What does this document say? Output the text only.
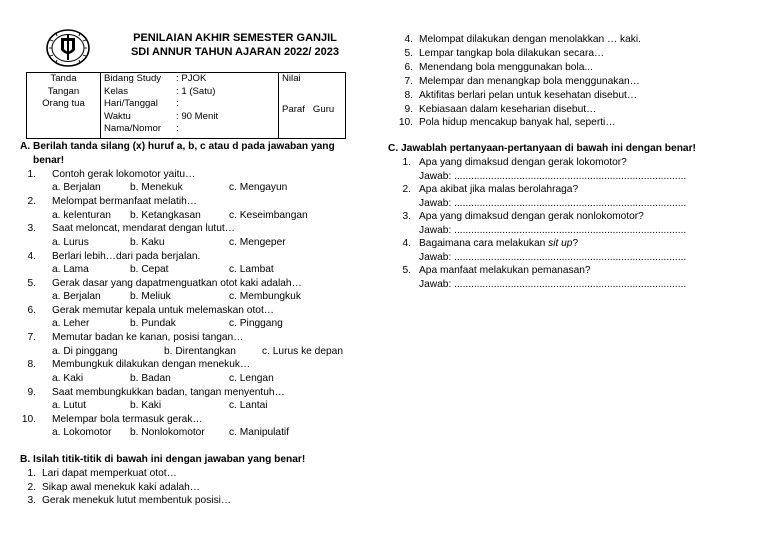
PENILAIAN AKHIR SEMESTER GANJIL
SDI ANNUR TAHUN AJARAN 2022/ 2023
Tanda
Tangan
Orang tua

Bidang Study	: PJOK
Kelas	: 1 (Satu)
Hari/Tanggal	:
Waktu	: 90 Menit
Nama/Nomor	:

Nilai
Paraf   Guru
A. Berilah tanda silang (x) huruf a, b, c atau d pada jawaban yang
benar!
1. Contoh gerak lokomotor yaitu…
a. Berjalan	b. Menekuk	c. Mengayun
2. Melompat bermanfaat melatih…
a. kelenturan b. Ketangkasan	c. Keseimbangan
3. Saat meloncat, mendarat dengan lutut…
a. Lurus	b. Kaku	c. Mengeper
4. Berlari lebih…dari pada berjalan.
a. Lama	b. Cepat	c. Lambat
5. Gerak dasar yang dapatmenguatkan otot kaki adalah…
a. Berjalan	b. Meliuk	c. Membungkuk
6. Gerak memutar kepala untuk melemaskan otot…
a. Leher	b. Pundak	c. Pinggang
7. Memutar badan ke kanan, posisi tangan…
a. Di pinggang	b. Direntangkan	c. Lurus ke depan
8. Membungkuk dilakukan dengan menekuk…
a. Kaki	b. Badan	c. Lengan
9. Saat membungkukkan badan, tangan menyentuh…
a. Lutut	b. Kaki	c. Lantai
10. Melempar bola termasuk gerak…
a. Lokomotor b. Nonlokomotor c. Manipulatif
B. Isilah titik-titik di bawah ini dengan jawaban yang benar!
1. Lari dapat memperkuat otot…
2. Sikap awal menekuk kaki adalah…
3. Gerak menekuk lutut membentuk posisi…
4. Melompat dilakukan dengan menolakkan … kaki.
5. Lempar tangkap bola dilakukan secara…
6. Menendang bola menggunakan bola...
7. Melempar dan menangkap bola menggunakan…
8. Aktifitas berlari pelan untuk kesehatan disebut…
9. Kebiasaan dalam keseharian disebut…
10. Pola hidup mencakup banyak hal, seperti…
C. Jawablah pertanyaan-pertanyaan di bawah ini dengan benar!
1. Apa yang dimaksud dengan gerak lokomotor?
Jawab: ..................................................................................
2. Apa akibat jika malas berolahraga?
Jawab: ..................................................................................
3. Apa yang dimaksud dengan gerak nonlokomotor?
Jawab: ..................................................................................
4. Bagaimana cara melakukan sit up?
Jawab: ..................................................................................
5. Apa manfaat melakukan pemanasan?
Jawab: ..................................................................................
